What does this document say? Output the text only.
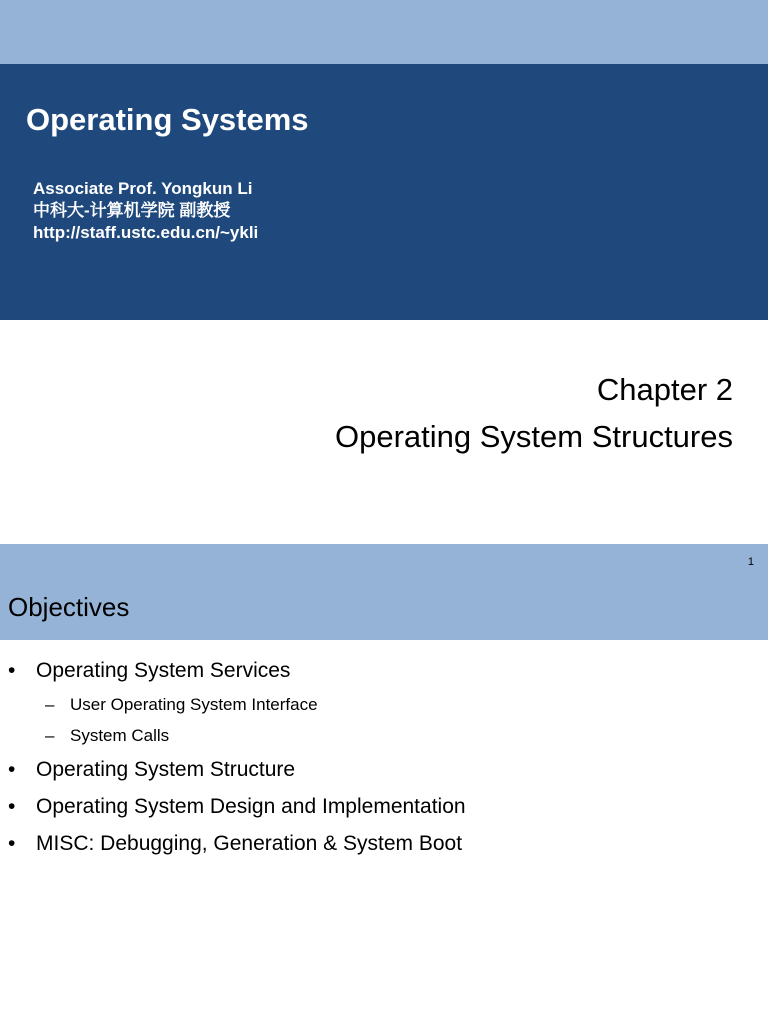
Operating Systems
Associate Prof. Yongkun Li
中科大-计算机学院 副教授
http://staff.ustc.edu.cn/~ykli
Chapter 2
Operating System Structures
1
Objectives
• Operating System Services
– User Operating System Interface
– System Calls
• Operating System Structure
• Operating System Design and Implementation
• MISC: Debugging, Generation & System Boot
